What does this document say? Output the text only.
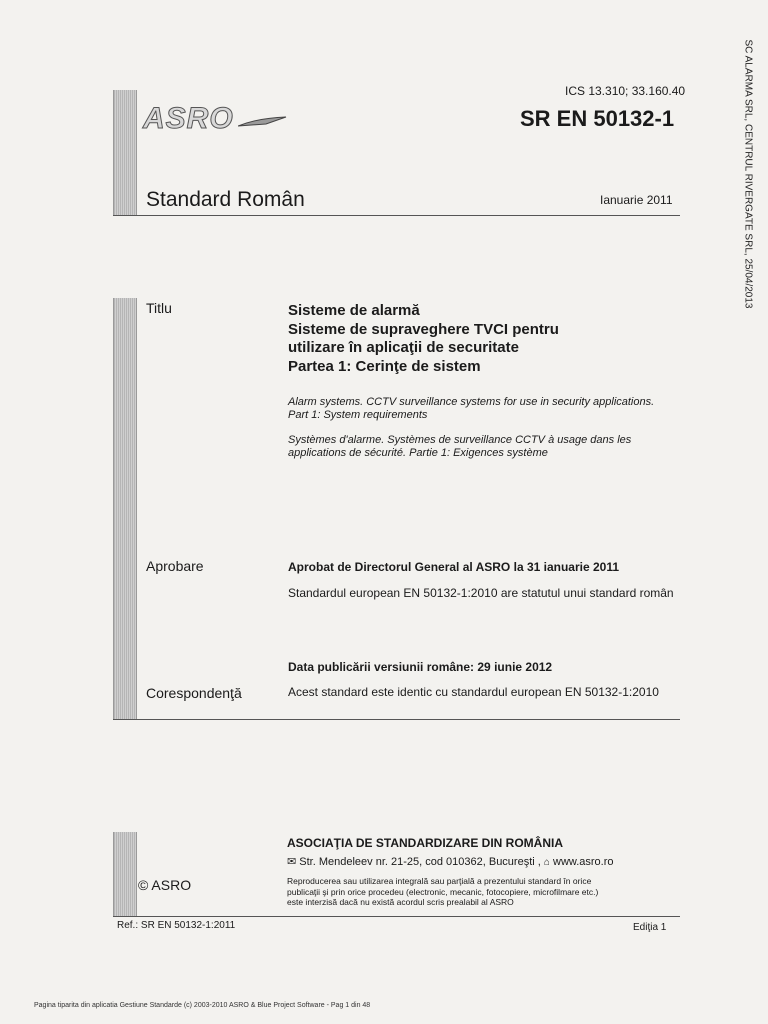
SC ALARMA SRL, CENTRUL RIVERGATE SRL, 25/04/2013
ASRO
ICS 13.310; 33.160.40
SR EN 50132-1
Standard Român	Ianuarie 2011
Titlu	Sisteme de alarmă
Sisteme de supraveghere TVCI pentru
utilizare în aplicaţii de securitate
Partea 1: Cerinţe de sistem
Alarm systems. CCTV surveillance systems for use in security applications.
Part 1: System requirements
Systèmes d'alarme. Systèmes de surveillance CCTV à usage dans les
applications de sécurité. Partie 1: Exigences système
Aprobare	Aprobat de Directorul General al ASRO la 31 ianuarie 2011
Standardul european EN 50132-1:2010 are statutul unui standard român
Data publicării versiunii române: 29 iunie 2012
Corespondenţă	Acest standard este identic cu standardul european EN 50132-1:2010
ASOCIAŢIA DE STANDARDIZARE DIN ROMÂNIA
✉ Str. Mendeleev nr. 21-25, cod 010362, Bucureşti , ⌂ www.asro.ro
© ASRO	Reproducerea sau utilizarea integrală sau parţială a prezentului standard în orice
publicaţii şi prin orice procedeu (electronic, mecanic, fotocopiere, microfilmare etc.)
este interzisă dacă nu există acordul scris prealabil al ASRO
Ref.: SR EN 50132-1:2011	Ediţia 1
Pagina tiparita din aplicatia Gestiune Standarde (c) 2003-2010 ASRO & Blue Project Software - Pag 1 din 48
